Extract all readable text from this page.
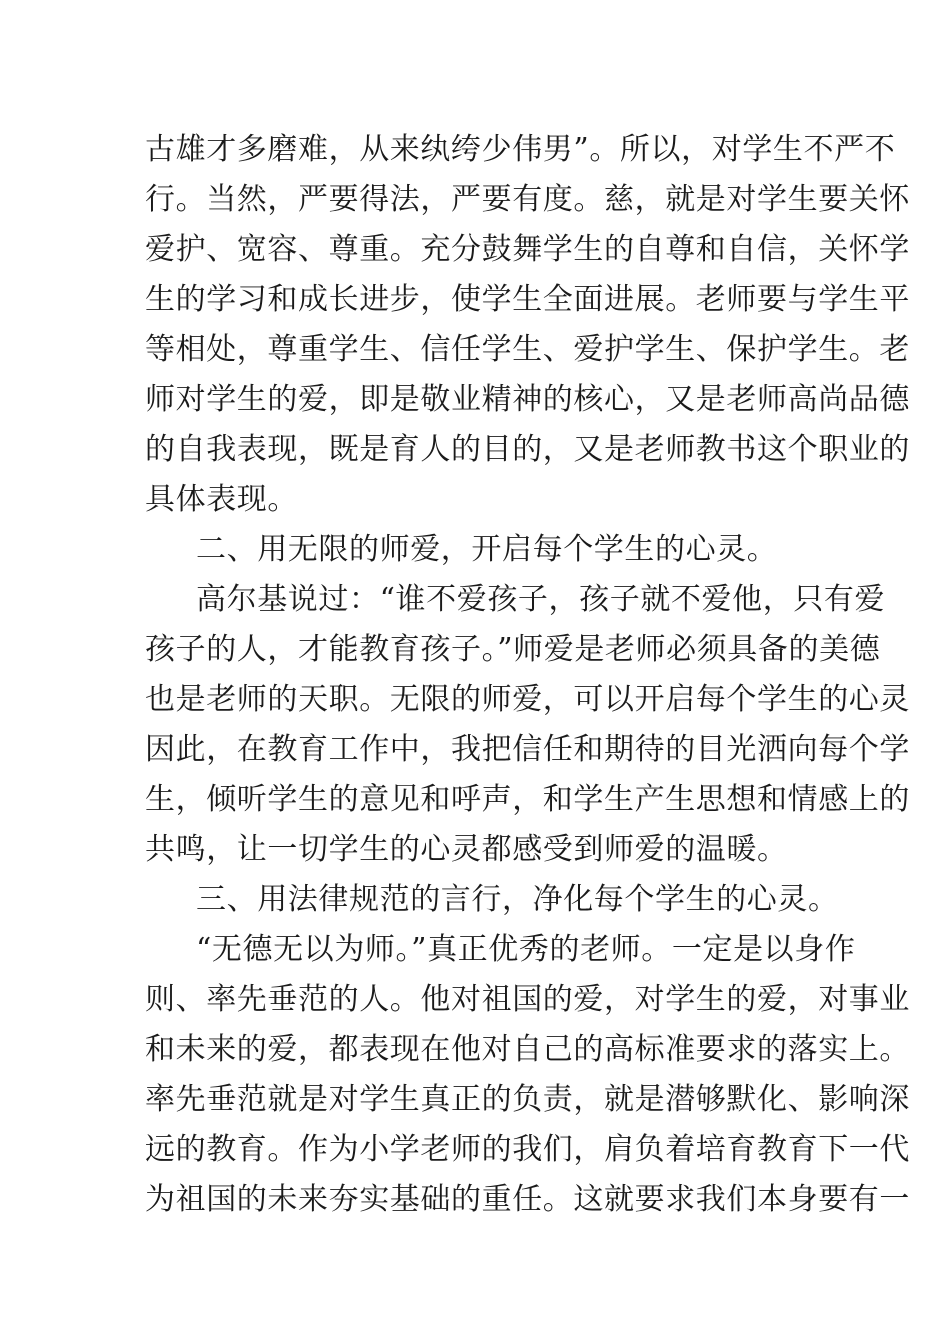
古雄才多磨难，从来纨绔少伟男”。所以，对学生不严不
行。当然，严要得法，严要有度。慈，就是对学生要关怀
爱护、宽容、尊重。充分鼓舞学生的自尊和自信，关怀学
生的学习和成长进步，使学生全面进展。老师要与学生平
等相处，尊重学生、信任学生、爱护学生、保护学生。老
师对学生的爱，即是敬业精神的核心，又是老师高尚品德
的自我表现，既是育人的目的，又是老师教书这个职业的
具体表现。
二、用无限的师爱，开启每个学生的心灵。
高尔基说过：“谁不爱孩子，孩子就不爱他，只有爱
孩子的人，才能教育孩子。”师爱是老师必须具备的美德
也是老师的天职。无限的师爱，可以开启每个学生的心灵
因此，在教育工作中，我把信任和期待的目光洒向每个学
生，倾听学生的意见和呼声，和学生产生思想和情感上的
共鸣，让一切学生的心灵都感受到师爱的温暖。
三、用法律规范的言行，净化每个学生的心灵。
“无德无以为师。”真正优秀的老师。一定是以身作
则、率先垂范的人。他对祖国的爱，对学生的爱，对事业
和未来的爱，都表现在他对自己的高标准要求的落实上。
率先垂范就是对学生真正的负责，就是潜够默化、影响深
远的教育。作为小学老师的我们，肩负着培育教育下一代
为祖国的未来夯实基础的重任。这就要求我们本身要有一
